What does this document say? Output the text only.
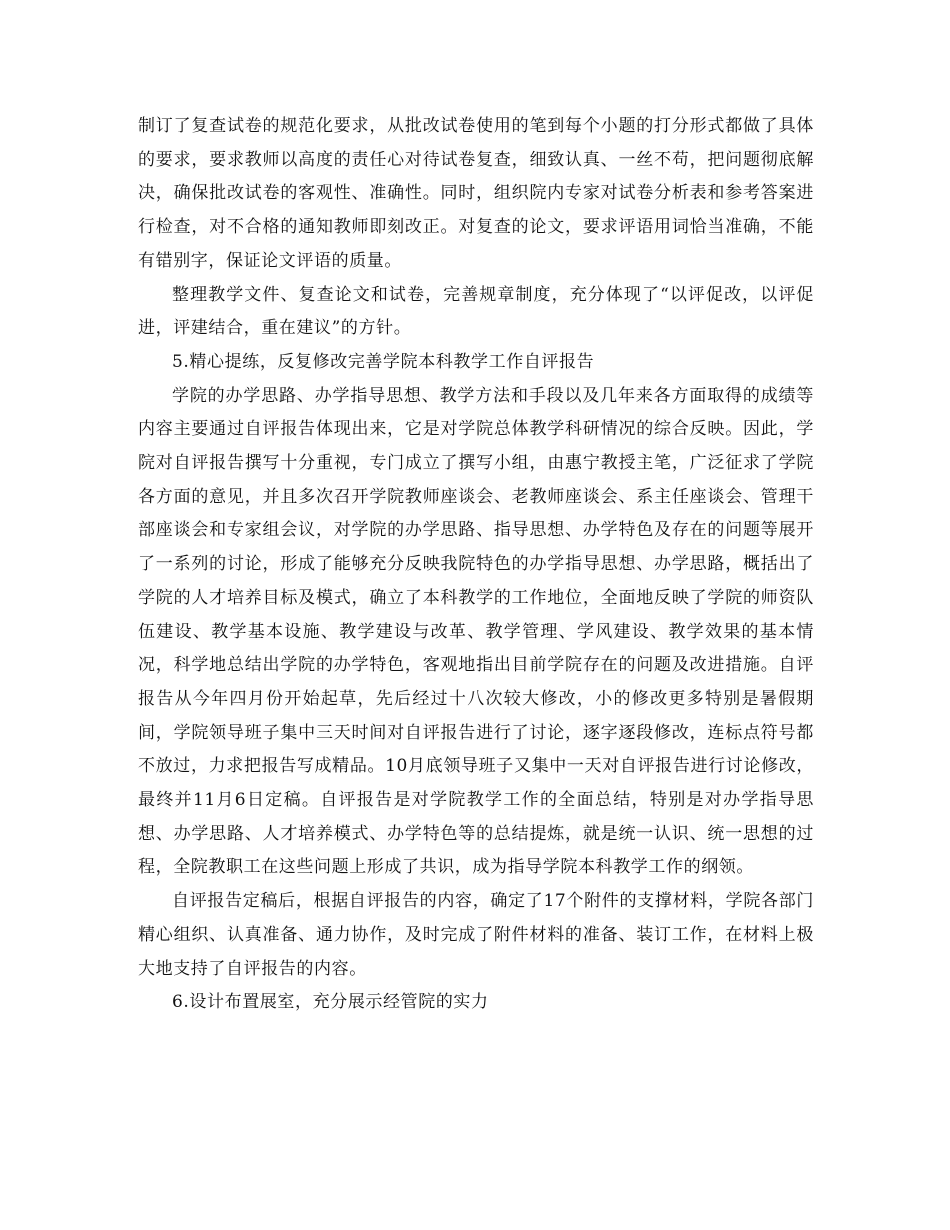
制订了复查试卷的规范化要求，从批改试卷使用的笔到每个小题的打分形式都做了具体的要求，要求教师以高度的责任心对待试卷复查，细致认真、一丝不苟，把问题彻底解决，确保批改试卷的客观性、准确性。同时，组织院内专家对试卷分析表和参考答案进行检查，对不合格的通知教师即刻改正。对复查的论文，要求评语用词恰当准确，不能有错别字，保证论文评语的质量。

整理教学文件、复查论文和试卷，完善规章制度，充分体现了“以评促改，以评促进，评建结合，重在建议”的方针。

5.精心提练，反复修改完善学院本科教学工作自评报告

学院的办学思路、办学指导思想、教学方法和手段以及几年来各方面取得的成绩等内容主要通过自评报告体现出来，它是对学院总体教学科研情况的综合反映。因此，学院对自评报告撰写十分重视，专门成立了撰写小组，由惠宁教授主笔，广泛征求了学院各方面的意见，并且多次召开学院教师座谈会、老教师座谈会、系主任座谈会、管理干部座谈会和专家组会议，对学院的办学思路、指导思想、办学特色及存在的问题等展开了一系列的讨论，形成了能够充分反映我院特色的办学指导思想、办学思路，概括出了学院的人才培养目标及模式，确立了本科教学的工作地位，全面地反映了学院的师资队伍建设、教学基本设施、教学建设与改革、教学管理、学风建设、教学效果的基本情况，科学地总结出学院的办学特色，客观地指出目前学院存在的问题及改进措施。自评报告从今年四月份开始起草，先后经过十八次较大修改，小的修改更多特别是暑假期间，学院领导班子集中三天时间对自评报告进行了讨论，逐字逐段修改，连标点符号都不放过，力求把报告写成精品。10月底领导班子又集中一天对自评报告进行讨论修改，最终并11月6日定稿。自评报告是对学院教学工作的全面总结，特别是对办学指导思想、办学思路、人才培养模式、办学特色等的总结提炼，就是统一认识、统一思想的过程，全院教职工在这些问题上形成了共识，成为指导学院本科教学工作的纲领。

自评报告定稿后，根据自评报告的内容，确定了17个附件的支撑材料，学院各部门精心组织、认真准备、通力协作，及时完成了附件材料的准备、装订工作，在材料上极大地支持了自评报告的内容。

6.设计布置展室，充分展示经管院的实力
